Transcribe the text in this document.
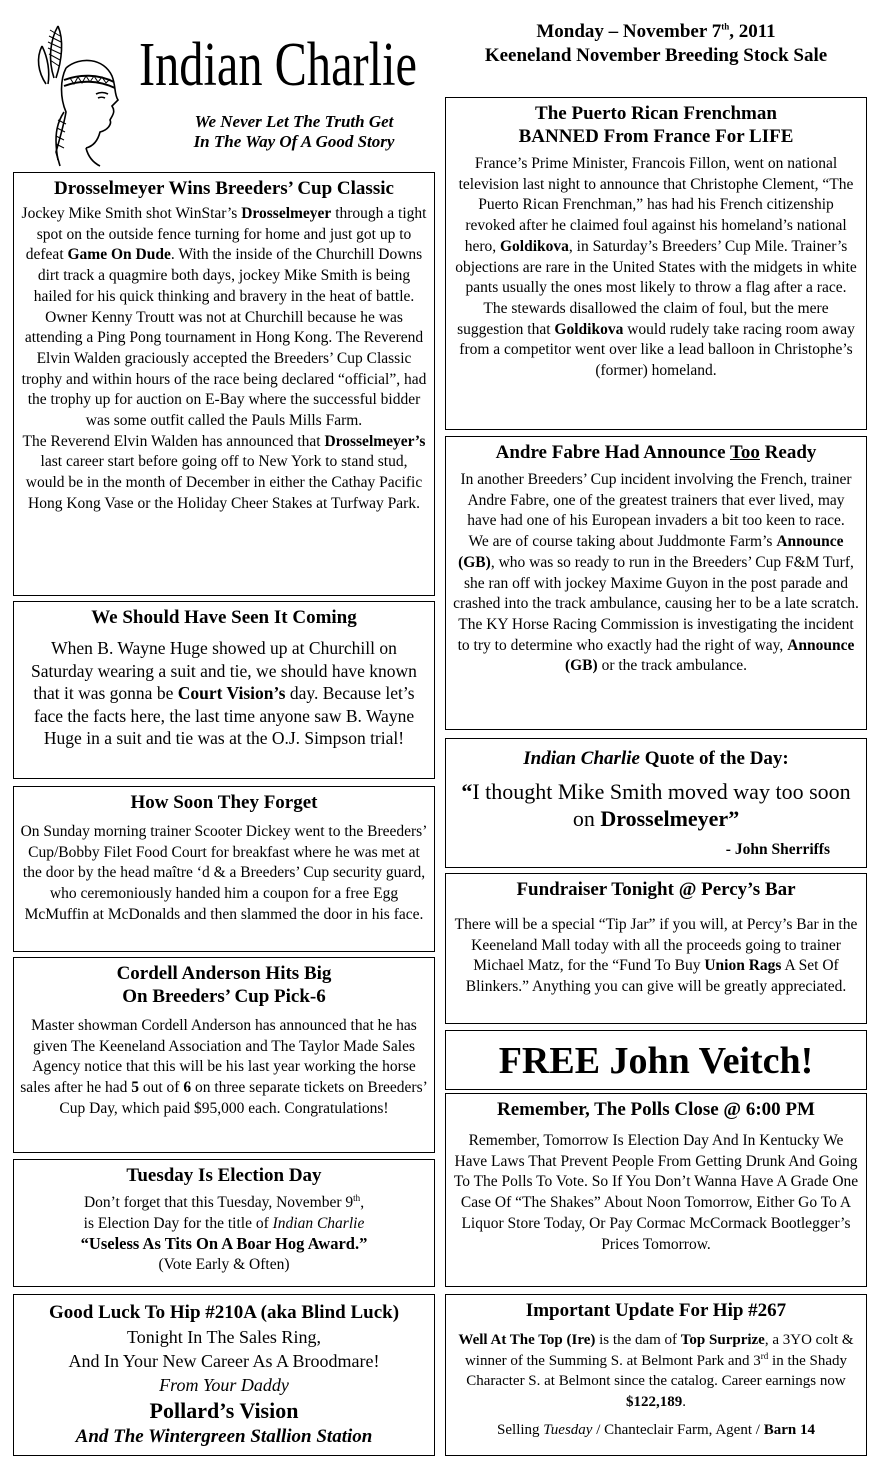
Indian Charlie
We Never Let The Truth Get
In The Way Of A Good Story
Monday – November 7th, 2011
Keeneland November Breeding Stock Sale
Drosselmeyer Wins Breeders’ Cup Classic

Jockey Mike Smith shot WinStar’s Drosselmeyer through a tight spot on the outside fence turning for home and just got up to defeat Game On Dude. With the inside of the Churchill Downs dirt track a quagmire both days, jockey Mike Smith is being hailed for his quick thinking and bravery in the heat of battle.

Owner Kenny Troutt was not at Churchill because he was attending a Ping Pong tournament in Hong Kong. The Reverend Elvin Walden graciously accepted the Breeders’ Cup Classic trophy and within hours of the race being declared “official”, had the trophy up for auction on E-Bay where the successful bidder was some outfit called the Pauls Mills Farm.

The Reverend Elvin Walden has announced that Drosselmeyer’s last career start before going off to New York to stand stud, would be in the month of December in either the Cathay Pacific Hong Kong Vase or the Holiday Cheer Stakes at Turfway Park.

We Should Have Seen It Coming

When B. Wayne Huge showed up at Churchill on Saturday wearing a suit and tie, we should have known that it was gonna be Court Vision’s day. Because let’s face the facts here, the last time anyone saw B. Wayne Huge in a suit and tie was at the O.J. Simpson trial!

How Soon They Forget

On Sunday morning trainer Scooter Dickey went to the Breeders’ Cup/Bobby Filet Food Court for breakfast where he was met at the door by the head maître ‘d & a Breeders’ Cup security guard, who ceremoniously handed him a coupon for a free Egg McMuffin at McDonalds and then slammed the door in his face.

Cordell Anderson Hits Big
On Breeders’ Cup Pick-6

Master showman Cordell Anderson has announced that he has given The Keeneland Association and The Taylor Made Sales Agency notice that this will be his last year working the horse sales after he had 5 out of 6 on three separate tickets on Breeders’ Cup Day, which paid $95,000 each. Congratulations!

Tuesday Is Election Day

Don’t forget that this Tuesday, November 9th,

is Election Day for the title of Indian Charlie

“Useless As Tits On A Boar Hog Award.”

(Vote Early & Often)

Good Luck To Hip #210A (aka Blind Luck)

Tonight In The Sales Ring,

And In Your New Career As A Broodmare!

From Your Daddy

Pollard’s Vision

And The Wintergreen Stallion Station

The Puerto Rican Frenchman
BANNED From France For LIFE

France’s Prime Minister, Francois Fillon, went on national television last night to announce that Christophe Clement, “The Puerto Rican Frenchman,” has had his French citizenship revoked after he claimed foul against his homeland’s national hero, Goldikova, in Saturday’s Breeders’ Cup Mile. Trainer’s objections are rare in the United States with the midgets in white pants usually the ones most likely to throw a flag after a race.

The stewards disallowed the claim of foul, but the mere suggestion that Goldikova would rudely take racing room away from a competitor went over like a lead balloon in Christophe’s (former) homeland.

Andre Fabre Had Announce Too Ready

In another Breeders’ Cup incident involving the French, trainer Andre Fabre, one of the greatest trainers that ever lived, may have had one of his European invaders a bit too keen to race.

We are of course taking about Juddmonte Farm’s Announce (GB), who was so ready to run in the Breeders’ Cup F&M Turf, she ran off with jockey Maxime Guyon in the post parade and crashed into the track ambulance, causing her to be a late scratch.

The KY Horse Racing Commission is investigating the incident to try to determine who exactly had the right of way, Announce (GB) or the track ambulance.

Indian Charlie Quote of the Day:

“I thought Mike Smith moved way too soon on Drosselmeyer”

- John Sherriffs

Fundraiser Tonight @ Percy’s Bar

There will be a special “Tip Jar” if you will, at Percy’s Bar in the Keeneland Mall today with all the proceeds going to trainer Michael Matz, for the “Fund To Buy Union Rags A Set Of Blinkers.” Anything you can give will be greatly appreciated.

FREE John Veitch!

Remember, The Polls Close @ 6:00 PM

Remember, Tomorrow Is Election Day And In Kentucky We Have Laws That Prevent People From Getting Drunk And Going To The Polls To Vote. So If You Don’t Wanna Have A Grade One Case Of “The Shakes” About Noon Tomorrow, Either Go To A Liquor Store Today, Or Pay Cormac McCormack Bootlegger’s Prices Tomorrow.

Important Update For Hip #267

Well At The Top (Ire) is the dam of Top Surprize, a 3YO colt & winner of the Summing S. at Belmont Park and 3rd in the Shady Character S. at Belmont since the catalog. Career earnings now $122,189.

Selling Tuesday / Chanteclair Farm, Agent / Barn 14
